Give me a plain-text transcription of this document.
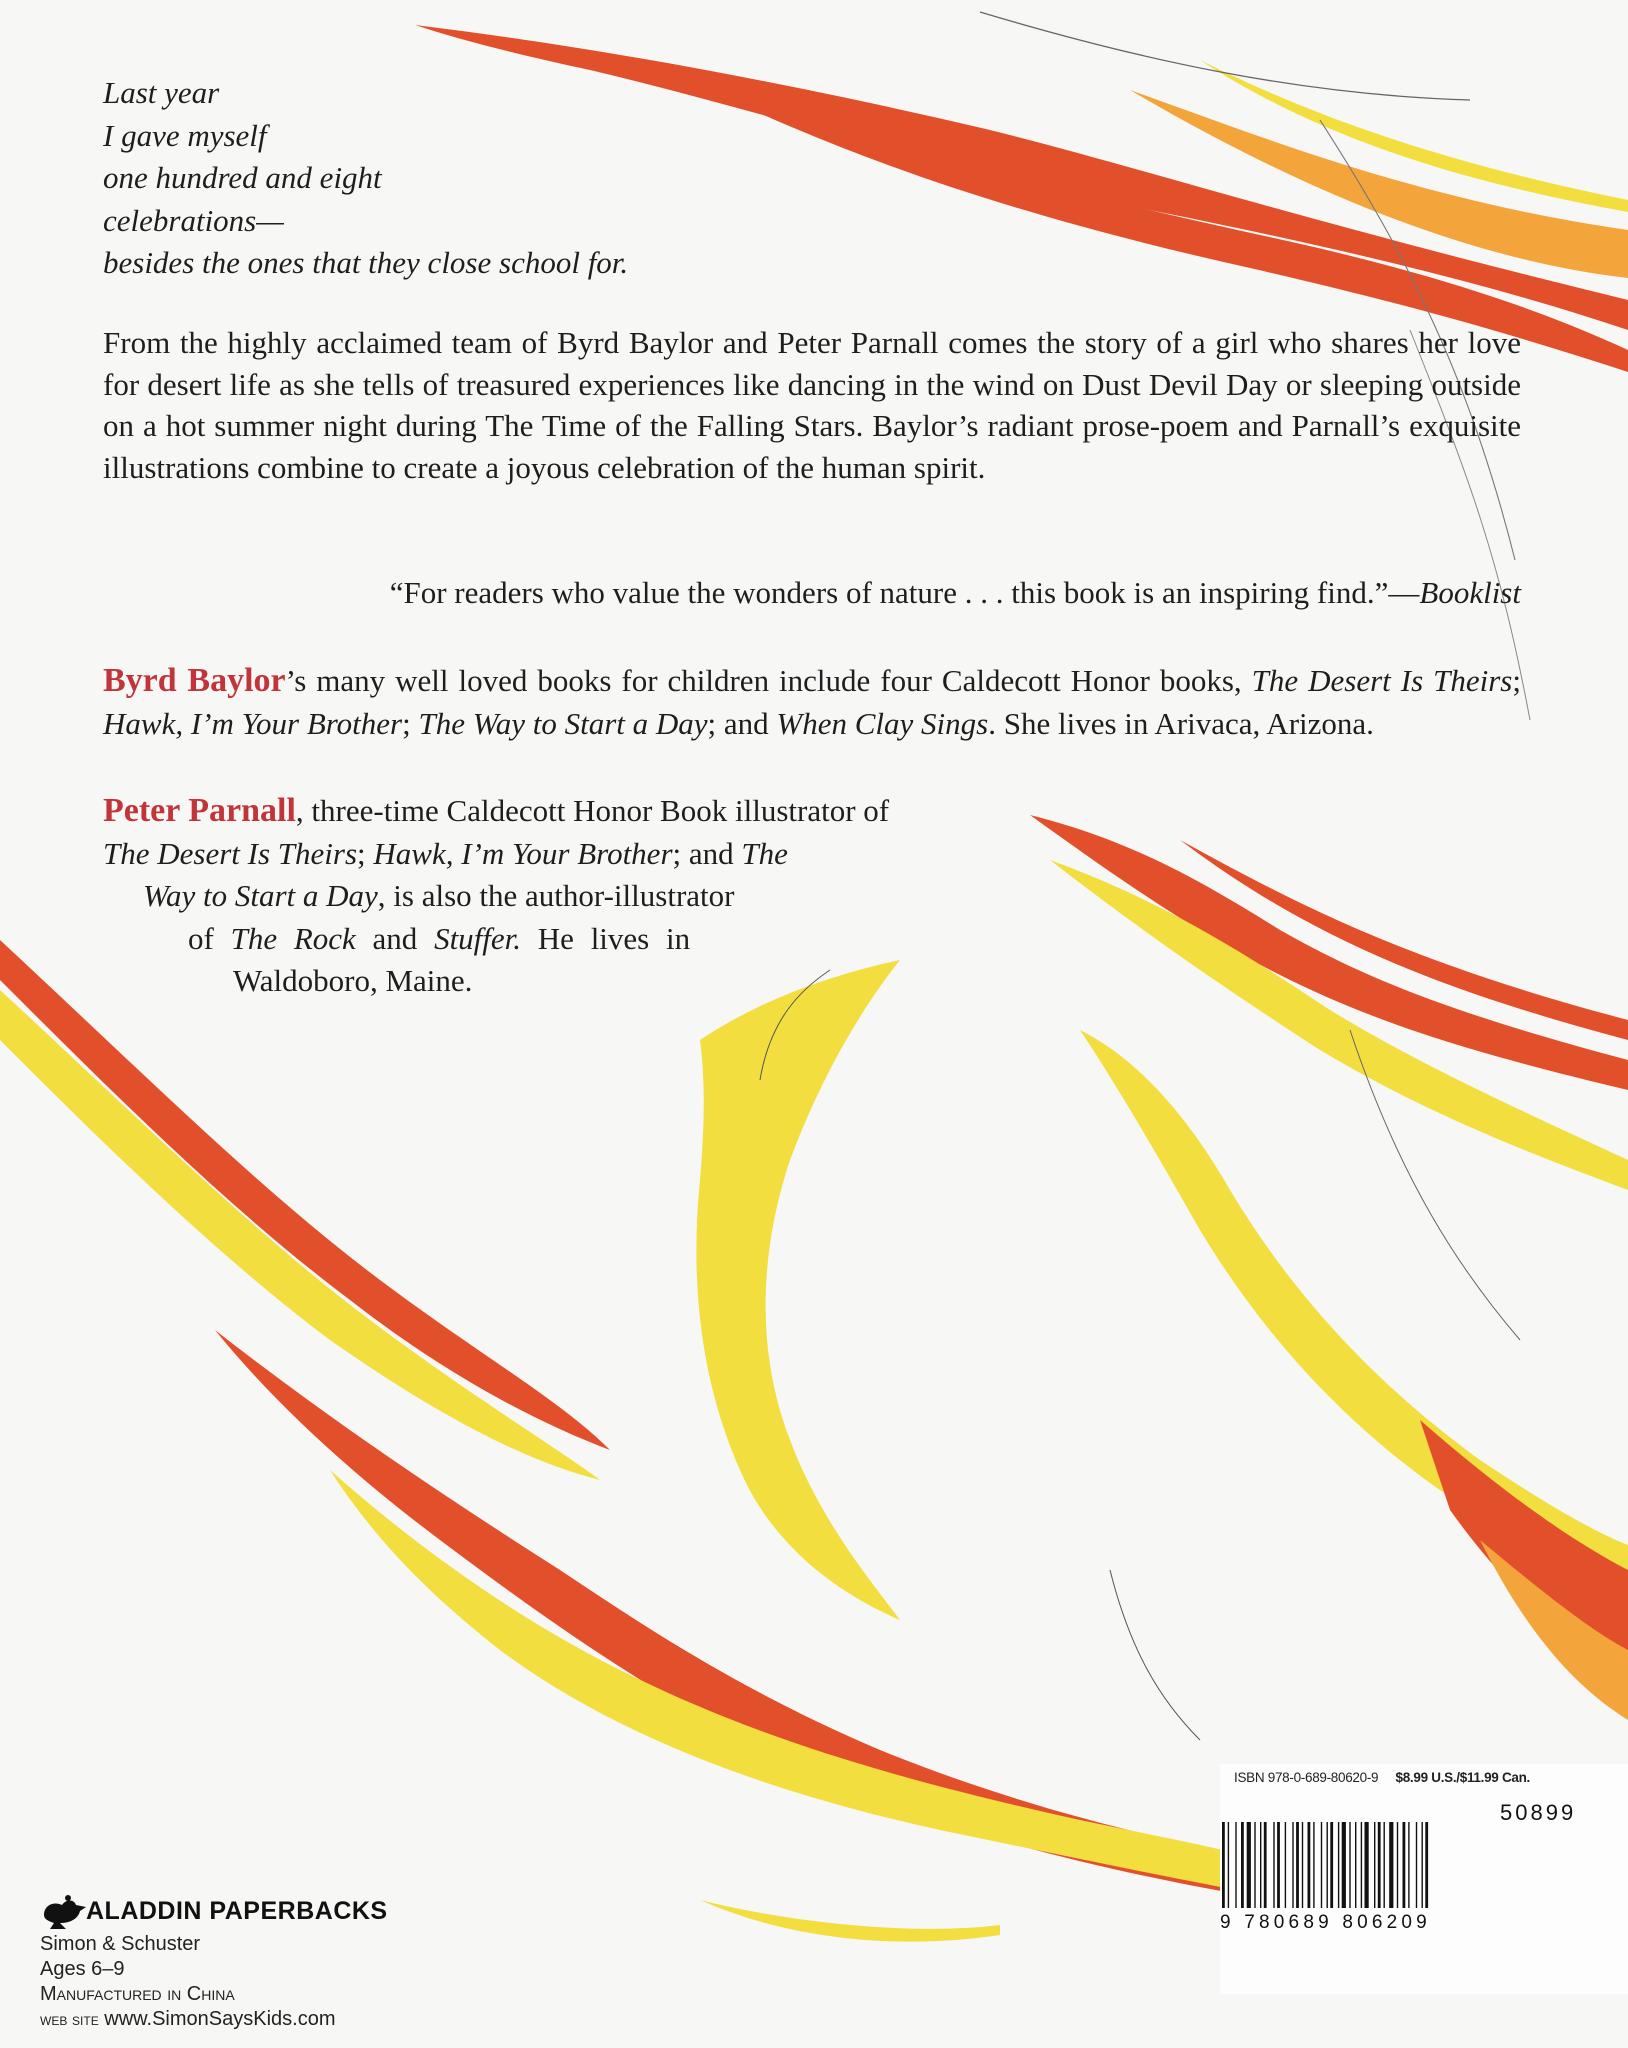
Last year
I gave myself
one hundred and eight
celebrations—
besides the ones that they close school for.
From the highly acclaimed team of Byrd Baylor and Peter Parnall comes the story of a girl who shares her love for desert life as she tells of treasured experiences like dancing in the wind on Dust Devil Day or sleeping outside on a hot summer night during The Time of the Falling Stars. Baylor’s radiant prose-poem and Parnall’s exquisite illustrations combine to create a joyous celebration of the human spirit.
“For readers who value the wonders of nature . . . this book is an inspiring find.”—Booklist
Byrd Baylor’s many well loved books for children include four Caldecott Honor books, The Desert Is Theirs; Hawk, I’m Your Brother; The Way to Start a Day; and When Clay Sings. She lives in Arivaca, Arizona.
Peter Parnall, three-time Caldecott Honor Book illustrator of
The Desert Is Theirs; Hawk, I’m Your Brother; and The
Way to Start a Day, is also the author-illustrator
of The Rock and Stuffer. He lives in
Waldoboro, Maine.
ALADDIN PAPERBACKS
Simon & Schuster
Ages 6–9
Manufactured in China
web site www.SimonSaysKids.com
ISBN 978-0-689-80620-9 $8.99 U.S./$11.99 Can.
50899
9 780689 806209
